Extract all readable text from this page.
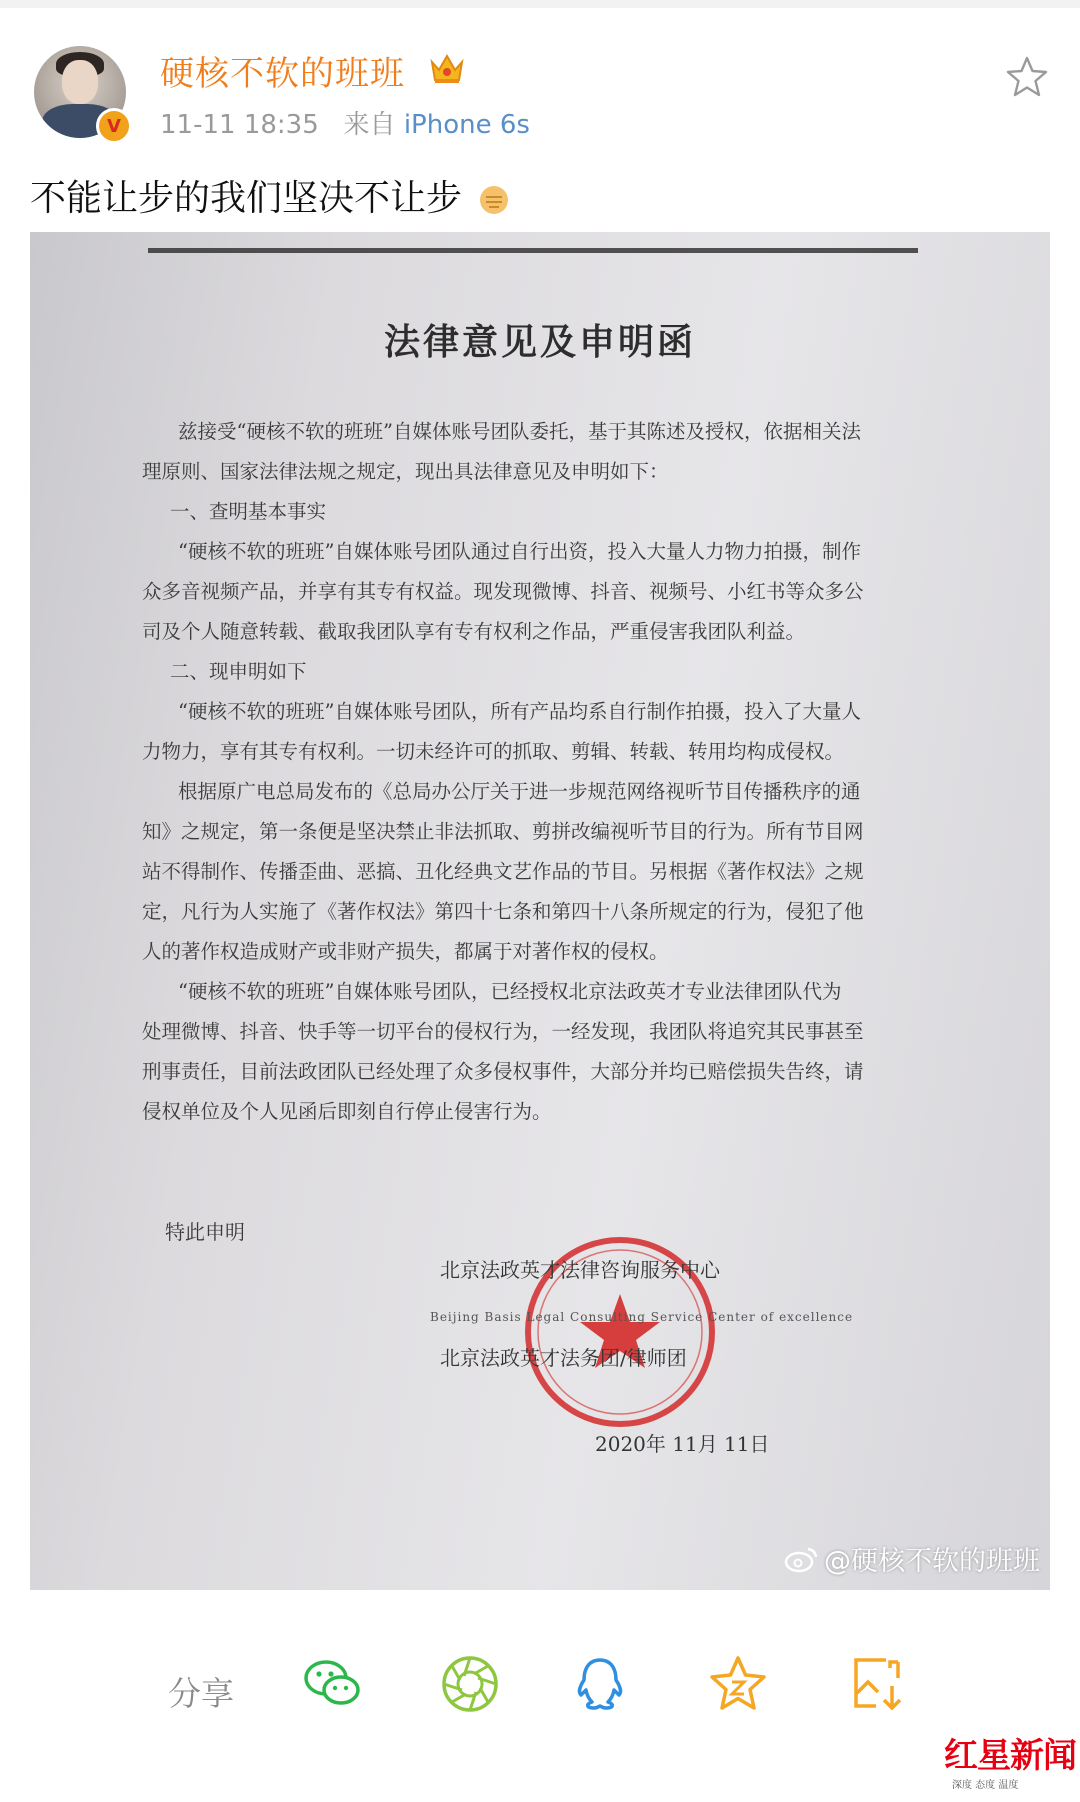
V
硬核不软的班班
11-11 18:35 来自 iPhone 6s
不能让步的我们坚决不让步
法律意见及申明函

兹接受“硬核不软的班班”自媒体账号团队委托，基于其陈述及授权，依据相关法

理原则、国家法律法规之规定，现出具法律意见及申明如下：

一、查明基本事实

“硬核不软的班班”自媒体账号团队通过自行出资，投入大量人力物力拍摄，制作

众多音视频产品，并享有其专有权益。现发现微博、抖音、视频号、小红书等众多公

司及个人随意转载、截取我团队享有专有权利之作品，严重侵害我团队利益。

二、现申明如下

“硬核不软的班班”自媒体账号团队，所有产品均系自行制作拍摄，投入了大量人

力物力，享有其专有权利。一切未经许可的抓取、剪辑、转载、转用均构成侵权。

根据原广电总局发布的《总局办公厅关于进一步规范网络视听节目传播秩序的通

知》之规定，第一条便是坚决禁止非法抓取、剪拼改编视听节目的行为。所有节目网

站不得制作、传播歪曲、恶搞、丑化经典文艺作品的节目。另根据《著作权法》之规

定，凡行为人实施了《著作权法》第四十七条和第四十八条所规定的行为，侵犯了他

人的著作权造成财产或非财产损失，都属于对著作权的侵权。

“硬核不软的班班”自媒体账号团队，已经授权北京法政英才专业法律团队代为

处理微博、抖音、快手等一切平台的侵权行为，一经发现，我团队将追究其民事甚至

刑事责任，目前法政团队已经处理了众多侵权事件，大部分并均已赔偿损失告终，请

侵权单位及个人见函后即刻自行停止侵害行为。

特此申明
北京法政英才法律咨询服务中心
Beijing Basis Legal Consulting Service Center of excellence
北京法政英才法务团/律师团
2020年 11月 11日
@硬核不软的班班
分享
红星新闻
深度 态度 温度
